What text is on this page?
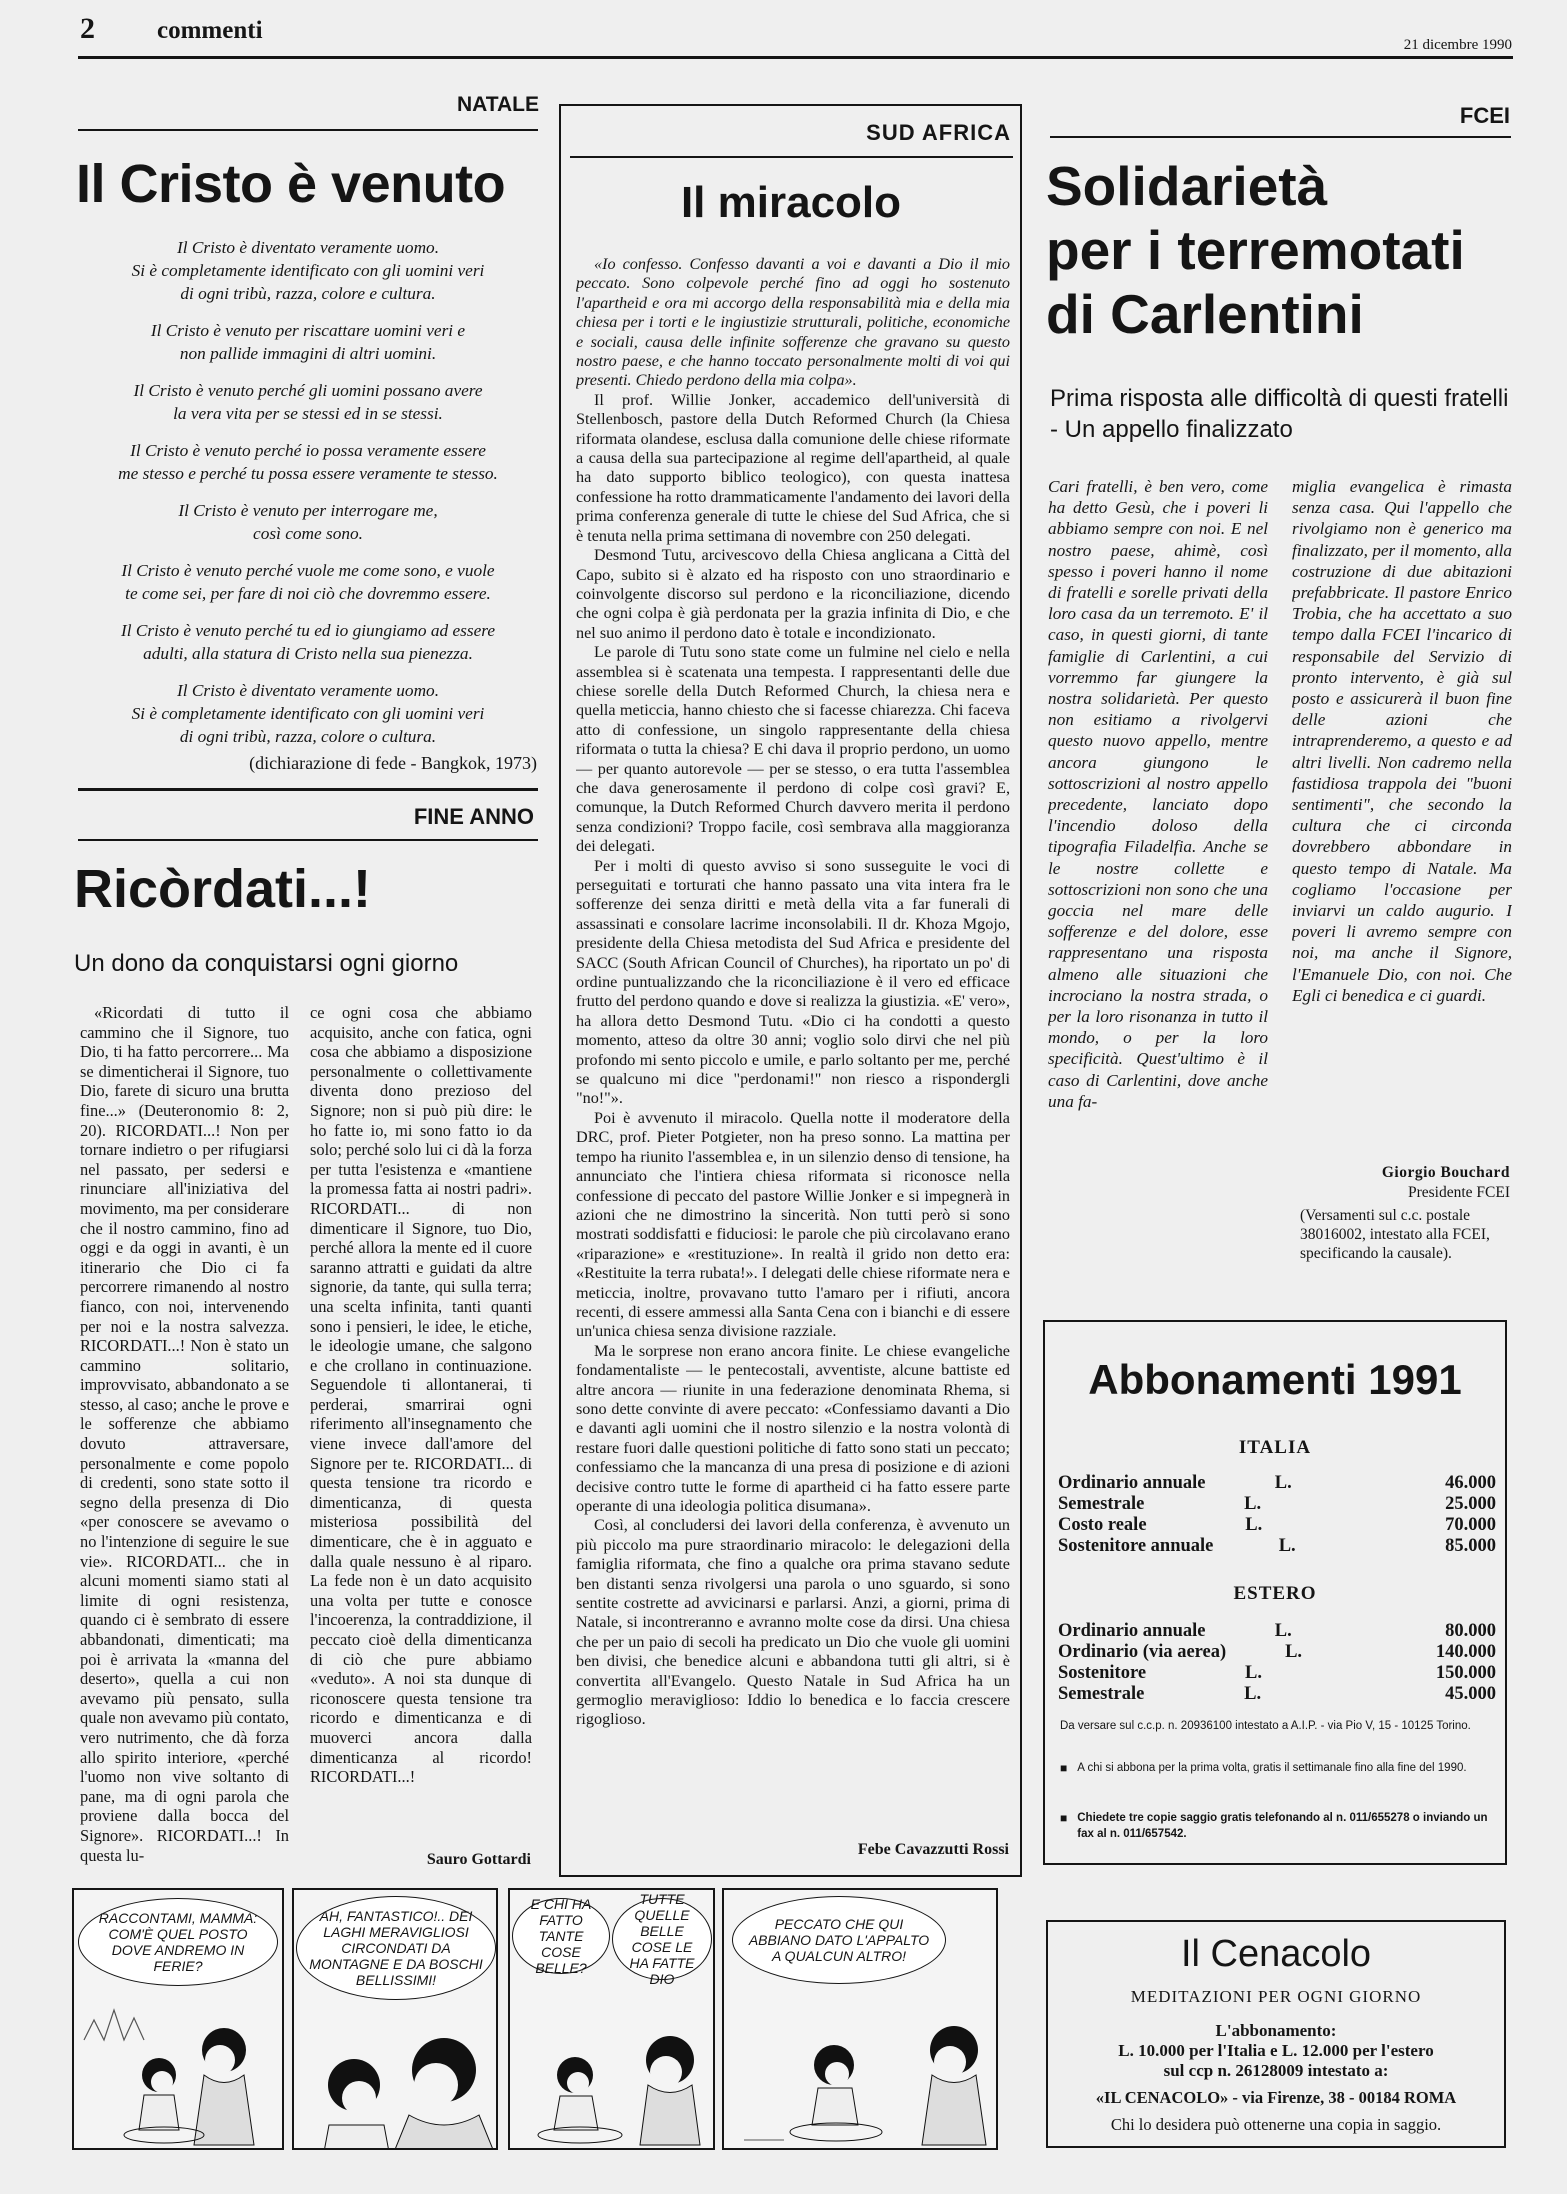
2 commenti
21 dicembre 1990
NATALE
Il Cristo è venuto
Il Cristo è diventato veramente uomo.
Si è completamente identificato con gli uomini veri
di ogni tribù, razza, colore e cultura.
Il Cristo è venuto per riscattare uomini veri e
non pallide immagini di altri uomini.
Il Cristo è venuto perché gli uomini possano avere
la vera vita per se stessi ed in se stessi.
Il Cristo è venuto perché io possa veramente essere
me stesso e perché tu possa essere veramente te stesso.
Il Cristo è venuto per interrogare me,
così come sono.
Il Cristo è venuto perché vuole me come sono, e vuole
te come sei, per fare di noi ciò che dovremmo essere.
Il Cristo è venuto perché tu ed io giungiamo ad essere
adulti, alla statura di Cristo nella sua pienezza.
Il Cristo è diventato veramente uomo.
Si è completamente identificato con gli uomini veri
di ogni tribù, razza, colore o cultura.
(dichiarazione di fede - Bangkok, 1973)
FINE ANNO
Ricòrdati...!
Un dono da conquistarsi ogni giorno

«Ricordati di tutto il cammino che il Signore, tuo Dio, ti ha fatto percorrere... Ma se dimenticherai il Signore, tuo Dio, farete di sicuro una brutta fine...» (Deuteronomio 8: 2, 20). RICORDATI...! Non per tornare indietro o per rifugiarsi nel passato, per sedersi e rinunciare all'iniziativa del movimento, ma per considerare che il nostro cammino, fino ad oggi e da oggi in avanti, è un itinerario che Dio ci fa percorrere rimanendo al nostro fianco, con noi, intervenendo per noi e la nostra salvezza. RICORDATI...! Non è stato un cammino solitario, improvvisato, abbandonato a se stesso, al caso; anche le prove e le sofferenze che abbiamo dovuto attraversare, personalmente e come popolo di credenti, sono state sotto il segno della presenza di Dio «per conoscere se avevamo o no l'intenzione di seguire le sue vie». RICORDATI... che in alcuni momenti siamo stati al limite di ogni resistenza, quando ci è sembrato di essere abbandonati, dimenticati; ma poi è arrivata la «manna del deserto», quella a cui non avevamo più pensato, sulla quale non avevamo più contato, vero nutrimento, che dà forza allo spirito interiore, «perché l'uomo non vive soltanto di pane, ma di ogni parola che proviene dalla bocca del Signore». RICORDATI...! In questa lu-

ce ogni cosa che abbiamo acquisito, anche con fatica, ogni cosa che abbiamo a disposizione personalmente o collettivamente diventa dono prezioso del Signore; non si può più dire: le ho fatte io, mi sono fatto io da solo; perché solo lui ci dà la forza per tutta l'esistenza e «mantiene la promessa fatta ai nostri padri». RICORDATI... di non dimenticare il Signore, tuo Dio, perché allora la mente ed il cuore saranno attratti e guidati da altre signorie, da tante, qui sulla terra; una scelta infinita, tanti quanti sono i pensieri, le idee, le etiche, le ideologie umane, che salgono e che crollano in continuazione. Seguendole ti allontanerai, ti perderai, smarrirai ogni riferimento all'insegnamento che viene invece dall'amore del Signore per te. RICORDATI... di questa tensione tra ricordo e dimenticanza, di questa misteriosa possibilità del dimenticare, che è in agguato e dalla quale nessuno è al riparo. La fede non è un dato acquisito una volta per tutte e conosce l'incoerenza, la contraddizione, il peccato cioè della dimenticanza di ciò che pure abbiamo «veduto». A noi sta dunque di riconoscere questa tensione tra ricordo e dimenticanza e di muoverci ancora dalla dimenticanza al ricordo! RICORDATI...!

Sauro Gottardi
SUD AFRICA
Il miracolo

«Io confesso. Confesso davanti a voi e davanti a Dio il mio peccato. Sono colpevole perché fino ad oggi ho sostenuto l'apartheid e ora mi accorgo della responsabilità mia e della mia chiesa per i torti e le ingiustizie strutturali, politiche, economiche e sociali, causa delle infinite sofferenze che gravano su questo nostro paese, e che hanno toccato personalmente molti di voi qui presenti. Chiedo perdono della mia colpa».

Il prof. Willie Jonker, accademico dell'università di Stellenbosch, pastore della Dutch Reformed Church (la Chiesa riformata olandese, esclusa dalla comunione delle chiese riformate a causa della sua partecipazione al regime dell'apartheid, al quale ha dato supporto biblico teologico), con questa inattesa confessione ha rotto drammaticamente l'andamento dei lavori della prima conferenza generale di tutte le chiese del Sud Africa, che si è tenuta nella prima settimana di novembre con 250 delegati.

Desmond Tutu, arcivescovo della Chiesa anglicana a Città del Capo, subito si è alzato ed ha risposto con uno straordinario e coinvolgente discorso sul perdono e la riconciliazione, dicendo che ogni colpa è già perdonata per la grazia infinita di Dio, e che nel suo animo il perdono dato è totale e incondizionato.

Le parole di Tutu sono state come un fulmine nel cielo e nella assemblea si è scatenata una tempesta. I rappresentanti delle due chiese sorelle della Dutch Reformed Church, la chiesa nera e quella meticcia, hanno chiesto che si facesse chiarezza. Chi faceva atto di confessione, un singolo rappresentante della chiesa riformata o tutta la chiesa? E chi dava il proprio perdono, un uomo — per quanto autorevole — per se stesso, o era tutta l'assemblea che dava generosamente il perdono di colpe così gravi? E, comunque, la Dutch Reformed Church davvero merita il perdono senza condizioni? Troppo facile, così sembrava alla maggioranza dei delegati.

Per i molti di questo avviso si sono susseguite le voci di perseguitati e torturati che hanno passato una vita intera fra le sofferenze dei senza diritti e metà della vita a far funerali di assassinati e consolare lacrime inconsolabili. Il dr. Khoza Mgojo, presidente della Chiesa metodista del Sud Africa e presidente del SACC (South African Council of Churches), ha riportato un po' di ordine puntualizzando che la riconciliazione è il vero ed efficace frutto del perdono quando e dove si realizza la giustizia. «E' vero», ha allora detto Desmond Tutu. «Dio ci ha condotti a questo momento, atteso da oltre 30 anni; voglio solo dirvi che nel più profondo mi sento piccolo e umile, e parlo soltanto per me, perché se qualcuno mi dice "perdonami!" non riesco a rispondergli "no!"».

Poi è avvenuto il miracolo. Quella notte il moderatore della DRC, prof. Pieter Potgieter, non ha preso sonno. La mattina per tempo ha riunito l'assemblea e, in un silenzio denso di tensione, ha annunciato che l'intiera chiesa riformata si riconosce nella confessione di peccato del pastore Willie Jonker e si impegnerà in azioni che ne dimostrino la sincerità. Non tutti però si sono mostrati soddisfatti e fiduciosi: le parole che più circolavano erano «riparazione» e «restituzione». In realtà il grido non detto era: «Restituite la terra rubata!». I delegati delle chiese riformate nera e meticcia, inoltre, provavano tutto l'amaro per i rifiuti, ancora recenti, di essere ammessi alla Santa Cena con i bianchi e di essere un'unica chiesa senza divisione razziale.

Ma le sorprese non erano ancora finite. Le chiese evangeliche fondamentaliste — le pentecostali, avventiste, alcune battiste ed altre ancora — riunite in una federazione denominata Rhema, si sono dette convinte di avere peccato: «Confessiamo davanti a Dio e davanti agli uomini che il nostro silenzio e la nostra volontà di restare fuori dalle questioni politiche di fatto sono stati un peccato; confessiamo che la mancanza di una presa di posizione e di azioni decisive contro tutte le forme di apartheid ci ha fatto essere parte operante di una ideologia politica disumana».

Così, al concludersi dei lavori della conferenza, è avvenuto un più piccolo ma pure straordinario miracolo: le delegazioni della famiglia riformata, che fino a qualche ora prima stavano sedute ben distanti senza rivolgersi una parola o uno sguardo, si sono sentite costrette ad avvicinarsi e parlarsi. Anzi, a giorni, prima di Natale, si incontreranno e avranno molte cose da dirsi. Una chiesa che per un paio di secoli ha predicato un Dio che vuole gli uomini ben divisi, che benedice alcuni e abbandona tutti gli altri, si è convertita all'Evangelo. Questo Natale in Sud Africa ha un germoglio meraviglioso: Iddio lo benedica e lo faccia crescere rigoglioso.

Febe Cavazzutti Rossi
FCEI
Solidarietà
per i terremotati
di Carlentini
Prima risposta alle difficoltà di questi fratelli - Un appello finalizzato

Cari fratelli, è ben vero, come ha detto Gesù, che i poveri li abbiamo sempre con noi. E nel nostro paese, ahimè, così spesso i poveri hanno il nome di fratelli e sorelle privati della loro casa da un terremoto. E' il caso, in questi giorni, di tante famiglie di Carlentini, a cui vorremmo far giungere la nostra solidarietà. Per questo non esitiamo a rivolgervi questo nuovo appello, mentre ancora giungono le sottoscrizioni al nostro appello precedente, lanciato dopo l'incendio doloso della tipografia Filadelfia. Anche se le nostre collette e sottoscrizioni non sono che una goccia nel mare delle sofferenze e del dolore, esse rappresentano una risposta almeno alle situazioni che incrociano la nostra strada, o per la loro risonanza in tutto il mondo, o per la loro specificità. Quest'ultimo è il caso di Carlentini, dove anche una fa-

miglia evangelica è rimasta senza casa. Qui l'appello che rivolgiamo non è generico ma finalizzato, per il momento, alla costruzione di due abitazioni prefabbricate. Il pastore Enrico Trobia, che ha accettato a suo tempo dalla FCEI l'incarico di responsabile del Servizio di pronto intervento, è già sul posto e assicurerà il buon fine delle azioni che intraprenderemo, a questo e ad altri livelli. Non cadremo nella fastidiosa trappola dei "buoni sentimenti", che secondo la cultura che ci circonda dovrebbero abbondare in questo tempo di Natale. Ma cogliamo l'occasione per inviarvi un caldo augurio. I poveri li avremo sempre con noi, ma anche il Signore, l'Emanuele Dio, con noi. Che Egli ci benedica e ci guardi.

Giorgio Bouchard
Presidente FCEI
(Versamenti sul c.c. postale 38016002, intestato alla FCEI, specificando la causale).
Abbonamenti 1991
ITALIA
Ordinario annuale	L.	46.000
Semestrale	L.	25.000
Costo reale	L.	70.000
Sostenitore annuale	L.	85.000
ESTERO
Ordinario annuale	L.	80.000
Ordinario (via aerea)	L.	140.000
Sostenitore	L.	150.000
Semestrale	L.	45.000
Da versare sul c.c.p. n. 20936100 intestato a A.I.P. - via Pio V, 15 - 10125 Torino.
■ A chi si abbona per la prima volta, gratis il settimanale fino alla fine del 1990.
■ Chiedete tre copie saggio gratis telefonando al n. 011/655278 o inviando un fax al n. 011/657542.
Il Cenacolo
MEDITAZIONI PER OGNI GIORNO
L'abbonamento:
L. 10.000 per l'Italia e L. 12.000 per l'estero
sul ccp n. 26128009 intestato a:
«IL CENACOLO» - via Firenze, 38 - 00184 ROMA
Chi lo desidera può ottenerne una copia in saggio.
RACCONTAMI, MAMMA: COM'È QUEL POSTO DOVE ANDREMO IN FERIE?
AH, FANTASTICO!.. DEI LAGHI MERAVIGLIOSI CIRCONDATI DA MONTAGNE E DA BOSCHI BELLISSIMI!
E CHI HA FATTO TANTE COSE BELLE?
TUTTE QUELLE BELLE COSE LE HA FATTE DIO
PECCATO CHE QUI ABBIANO DATO L'APPALTO A QUALCUN ALTRO!
